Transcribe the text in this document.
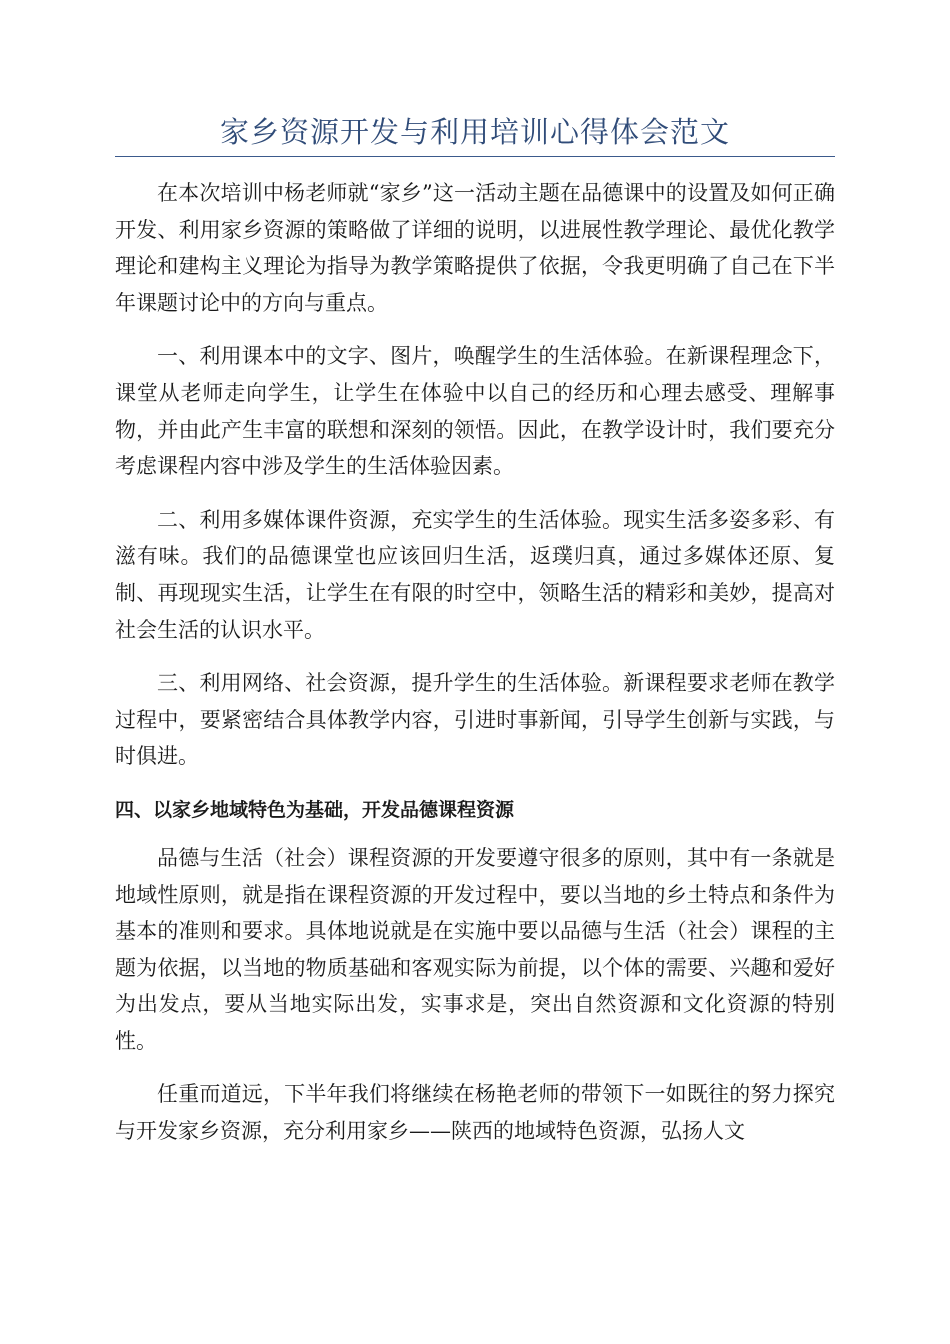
家乡资源开发与利用培训心得体会范文

在本次培训中杨老师就“家乡”这一活动主题在品德课中的设置及如何正确开发、利用家乡资源的策略做了详细的说明，以进展性教学理论、最优化教学理论和建构主义理论为指导为教学策略提供了依据，令我更明确了自己在下半年课题讨论中的方向与重点。

一、利用课本中的文字、图片，唤醒学生的生活体验。在新课程理念下，课堂从老师走向学生，让学生在体验中以自己的经历和心理去感受、理解事物，并由此产生丰富的联想和深刻的领悟。因此，在教学设计时，我们要充分考虑课程内容中涉及学生的生活体验因素。

二、利用多媒体课件资源，充实学生的生活体验。现实生活多姿多彩、有滋有味。我们的品德课堂也应该回归生活，返璞归真，通过多媒体还原、复制、再现现实生活，让学生在有限的时空中，领略生活的精彩和美妙，提高对社会生活的认识水平。

三、利用网络、社会资源，提升学生的生活体验。新课程要求老师在教学过程中，要紧密结合具体教学内容，引进时事新闻，引导学生创新与实践，与时俱进。

四、以家乡地域特色为基础，开发品德课程资源

品德与生活（社会）课程资源的开发要遵守很多的原则，其中有一条就是地域性原则，就是指在课程资源的开发过程中，要以当地的乡土特点和条件为基本的准则和要求。具体地说就是在实施中要以品德与生活（社会）课程的主题为依据，以当地的物质基础和客观实际为前提，以个体的需要、兴趣和爱好为出发点，要从当地实际出发，实事求是，突出自然资源和文化资源的特别性。

任重而道远，下半年我们将继续在杨艳老师的带领下一如既往的努力探究与开发家乡资源，充分利用家乡——陕西的地域特色资源，弘扬人文
